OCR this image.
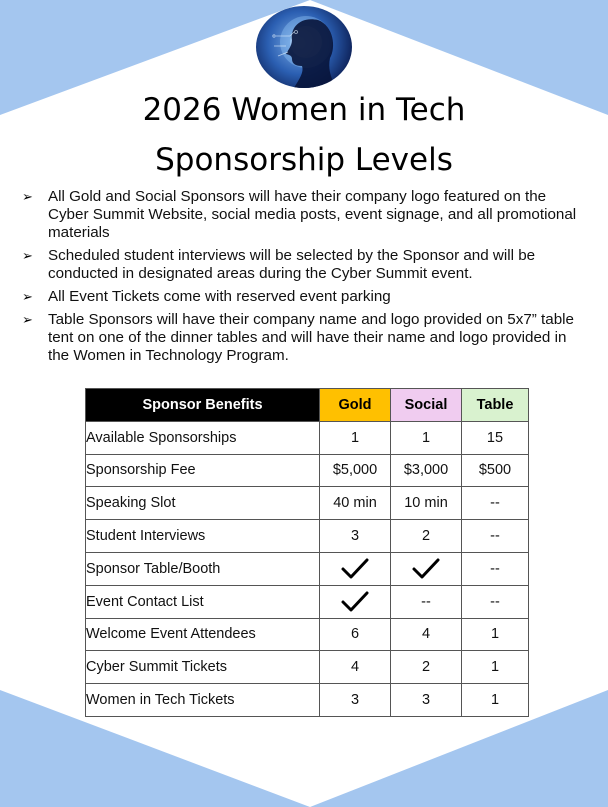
2026 Women in Tech
Sponsorship Levels
➢ All Gold and Social Sponsors will have their company logo featured on the Cyber Summit Website, social media posts, event signage, and all promotional materials
➢ Scheduled student interviews will be selected by the Sponsor and will be conducted in designated areas during the Cyber Summit event.
➢ All Event Tickets come with reserved event parking
➢ Table Sponsors will have their company name and logo provided on 5x7” table tent on one of the dinner tables and will have their name and logo provided in the Women in Technology Program.
Sponsor Benefits	Gold	Social	Table
Available Sponsorships	1	1	15
Sponsorship Fee	$5,000	$3,000	$500
Speaking Slot	40 min	10 min	--
Student Interviews	3	2	--
Sponsor Table/Booth			--
Event Contact List		--	--
Welcome Event Attendees	6	4	1
Cyber Summit Tickets	4	2	1
Women in Tech Tickets	3	3	1
